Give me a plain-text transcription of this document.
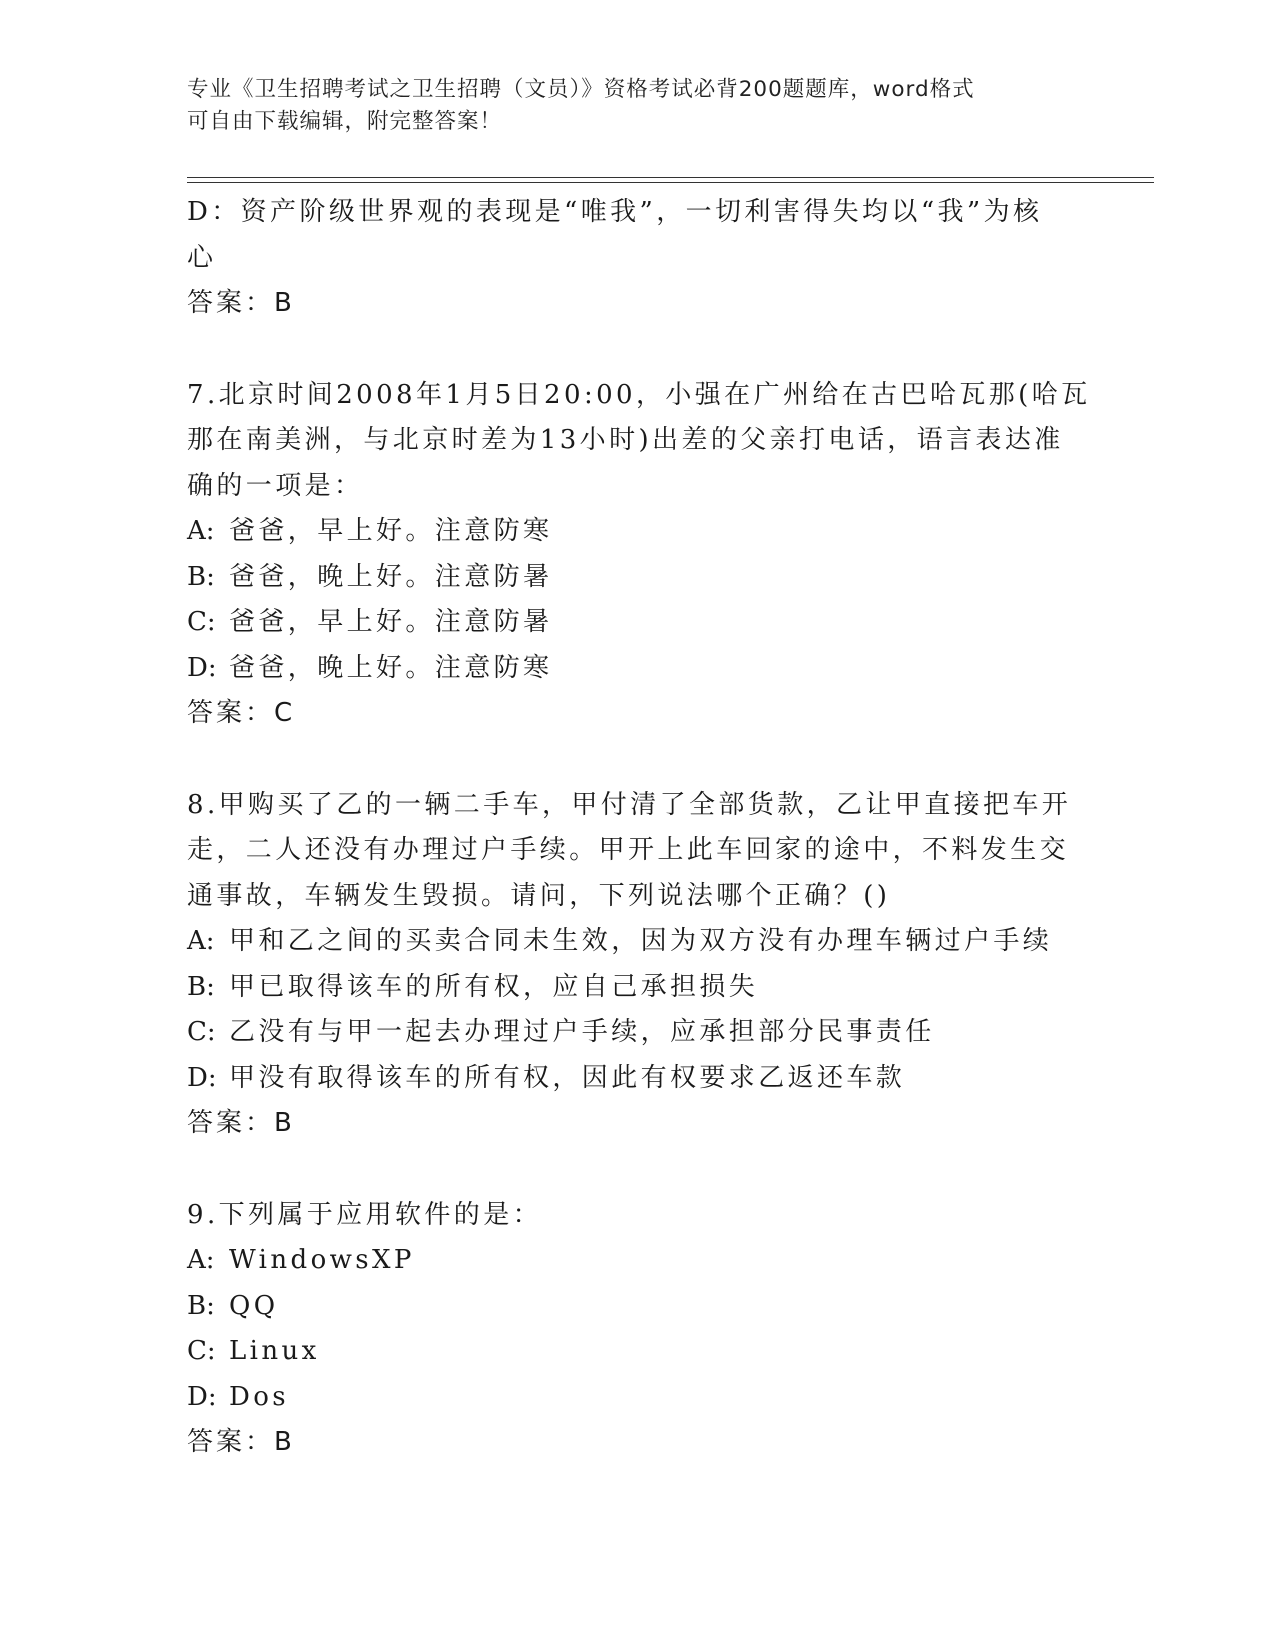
专业《卫生招聘考试之卫生招聘（文员）》资格考试必背200题题库，word格式
可自由下载编辑，附完整答案！
D：资产阶级世界观的表现是“唯我”，一切利害得失均以“我”为核
心
答案：B
7.北京时间2008年1月5日20:00，小强在广州给在古巴哈瓦那(哈瓦
那在南美洲，与北京时差为13小时)出差的父亲打电话，语言表达准
确的一项是：
A: 爸爸，早上好。注意防寒
B: 爸爸，晚上好。注意防暑
C: 爸爸，早上好。注意防暑
D: 爸爸，晚上好。注意防寒
答案：C
8.甲购买了乙的一辆二手车，甲付清了全部货款，乙让甲直接把车开
走，二人还没有办理过户手续。甲开上此车回家的途中，不料发生交
通事故，车辆发生毁损。请问，下列说法哪个正确？()
A: 甲和乙之间的买卖合同未生效，因为双方没有办理车辆过户手续
B: 甲已取得该车的所有权，应自己承担损失
C: 乙没有与甲一起去办理过户手续，应承担部分民事责任
D: 甲没有取得该车的所有权，因此有权要求乙返还车款
答案：B
9.下列属于应用软件的是：
A: WindowsXP
B: QQ
C: Linux
D: Dos
答案：B
